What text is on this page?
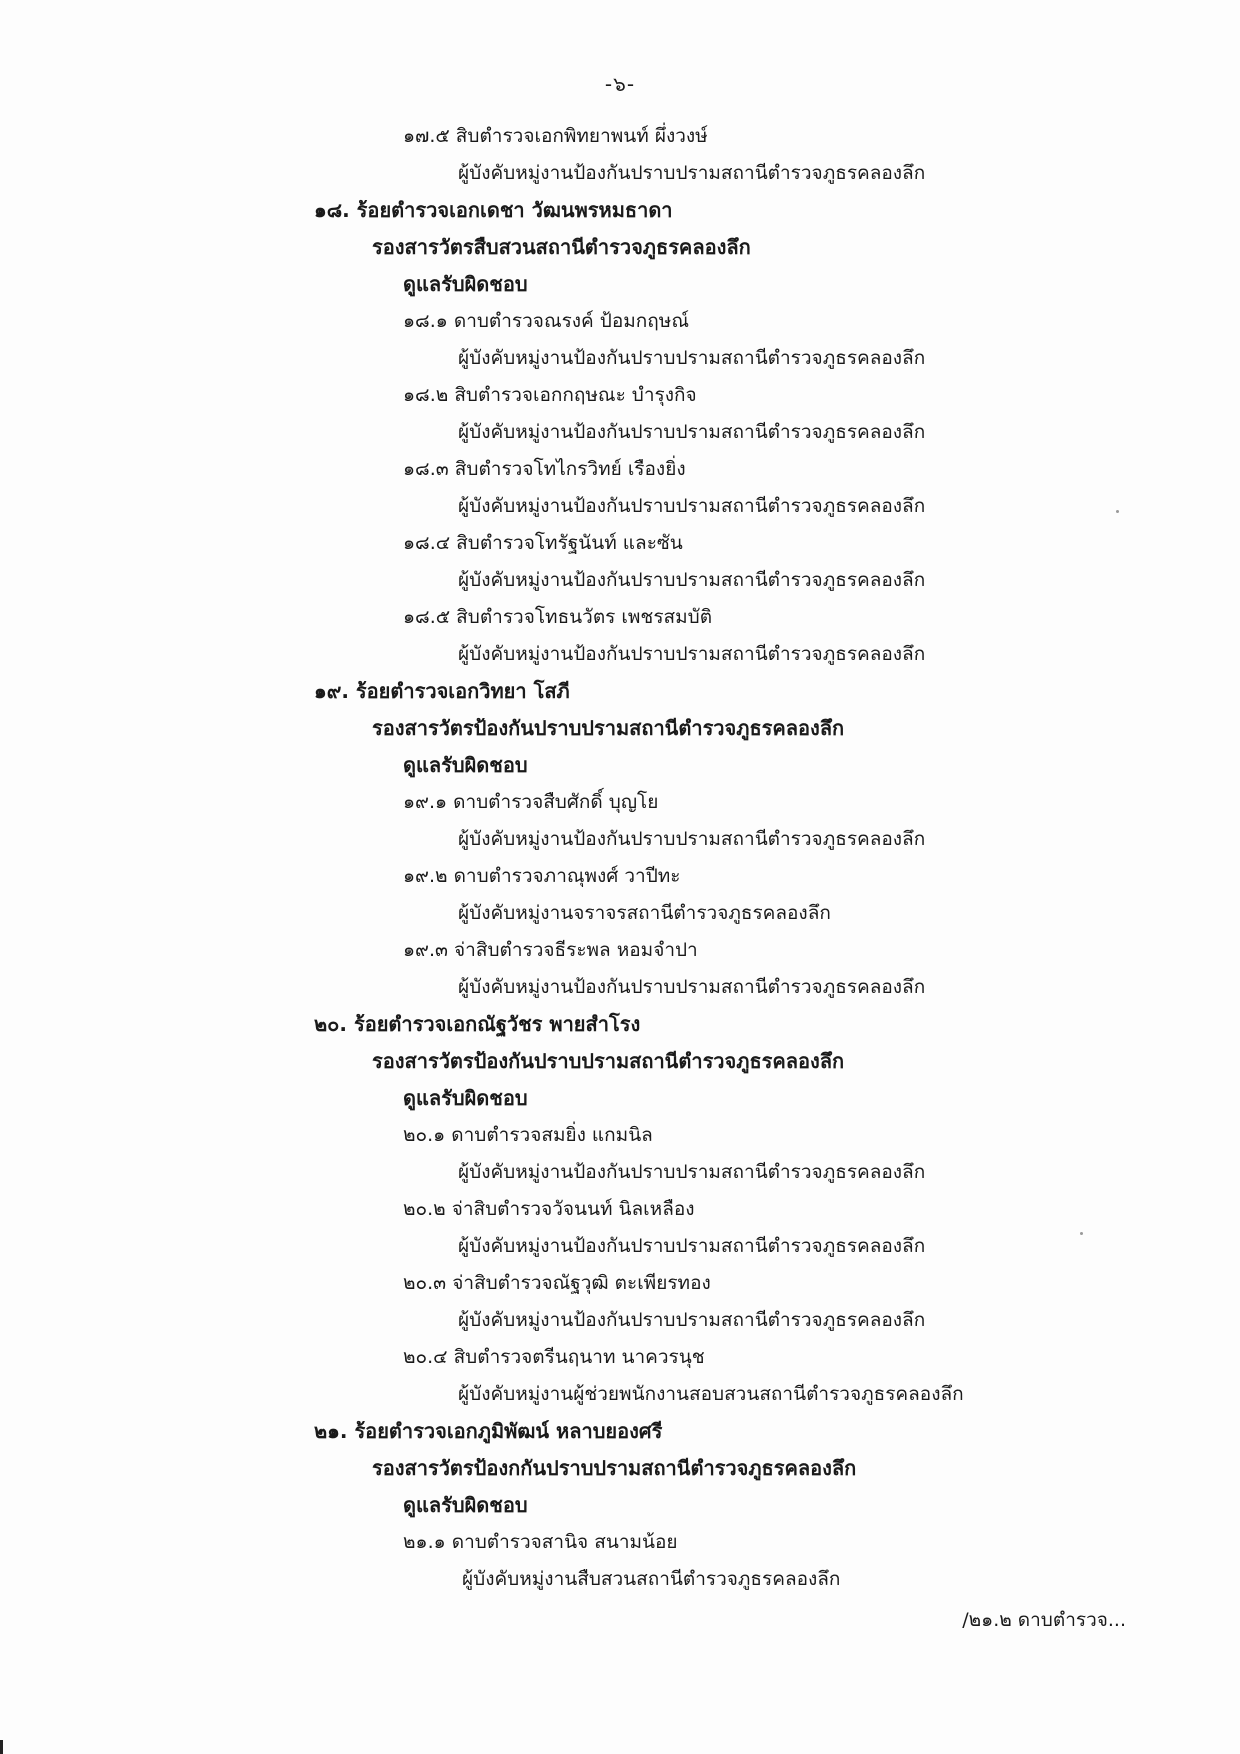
-๖-
๑๗.๕ สิบตำรวจเอกพิทยาพนท์ ผึ่งวงษ์
ผู้บังคับหมู่งานป้องกันปราบปรามสถานีตำรวจภูธรคลองลึก
๑๘. ร้อยตำรวจเอกเดชา วัฒนพรหมธาดา
รองสารวัตรสืบสวนสถานีตำรวจภูธรคลองลึก
ดูแลรับผิดชอบ
๑๘.๑ ดาบตำรวจณรงค์ ป้อมกฤษณ์
ผู้บังคับหมู่งานป้องกันปราบปรามสถานีตำรวจภูธรคลองลึก
๑๘.๒ สิบตำรวจเอกกฤษณะ บำรุงกิจ
ผู้บังคับหมู่งานป้องกันปราบปรามสถานีตำรวจภูธรคลองลึก
๑๘.๓ สิบตำรวจโทไกรวิทย์ เรืองยิ่ง
ผู้บังคับหมู่งานป้องกันปราบปรามสถานีตำรวจภูธรคลองลึก
๑๘.๔ สิบตำรวจโทรัฐนันท์ และซัน
ผู้บังคับหมู่งานป้องกันปราบปรามสถานีตำรวจภูธรคลองลึก
๑๘.๕ สิบตำรวจโทธนวัตร เพชรสมบัติ
ผู้บังคับหมู่งานป้องกันปราบปรามสถานีตำรวจภูธรคลองลึก
๑๙. ร้อยตำรวจเอกวิทยา โสภี
รองสารวัตรป้องกันปราบปรามสถานีตำรวจภูธรคลองลึก
ดูแลรับผิดชอบ
๑๙.๑ ดาบตำรวจสืบศักดิ์ บุญโย
ผู้บังคับหมู่งานป้องกันปราบปรามสถานีตำรวจภูธรคลองลึก
๑๙.๒ ดาบตำรวจภาณุพงศ์ วาปีทะ
ผู้บังคับหมู่งานจราจรสถานีตำรวจภูธรคลองลึก
๑๙.๓ จ่าสิบตำรวจธีระพล หอมจำปา
ผู้บังคับหมู่งานป้องกันปราบปรามสถานีตำรวจภูธรคลองลึก
๒๐. ร้อยตำรวจเอกณัฐวัชร พายสำโรง
รองสารวัตรป้องกันปราบปรามสถานีตำรวจภูธรคลองลึก
ดูแลรับผิดชอบ
๒๐.๑ ดาบตำรวจสมยิ่ง แกมนิล
ผู้บังคับหมู่งานป้องกันปราบปรามสถานีตำรวจภูธรคลองลึก
๒๐.๒ จ่าสิบตำรวจวัจนนท์ นิลเหลือง
ผู้บังคับหมู่งานป้องกันปราบปรามสถานีตำรวจภูธรคลองลึก
๒๐.๓ จ่าสิบตำรวจณัฐวุฒิ ตะเพียรทอง
ผู้บังคับหมู่งานป้องกันปราบปรามสถานีตำรวจภูธรคลองลึก
๒๐.๔ สิบตำรวจตรีนฤนาท นาควรนุช
ผู้บังคับหมู่งานผู้ช่วยพนักงานสอบสวนสถานีตำรวจภูธรคลองลึก
๒๑. ร้อยตำรวจเอกภูมิพัฒน์ หลาบยองศรี
รองสารวัตรป้องกกันปราบปรามสถานีตำรวจภูธรคลองลึก
ดูแลรับผิดชอบ
๒๑.๑ ดาบตำรวจสานิจ สนามน้อย
ผู้บังคับหมู่งานสืบสวนสถานีตำรวจภูธรคลองลึก
/๒๑.๒ ดาบตำรวจ...
